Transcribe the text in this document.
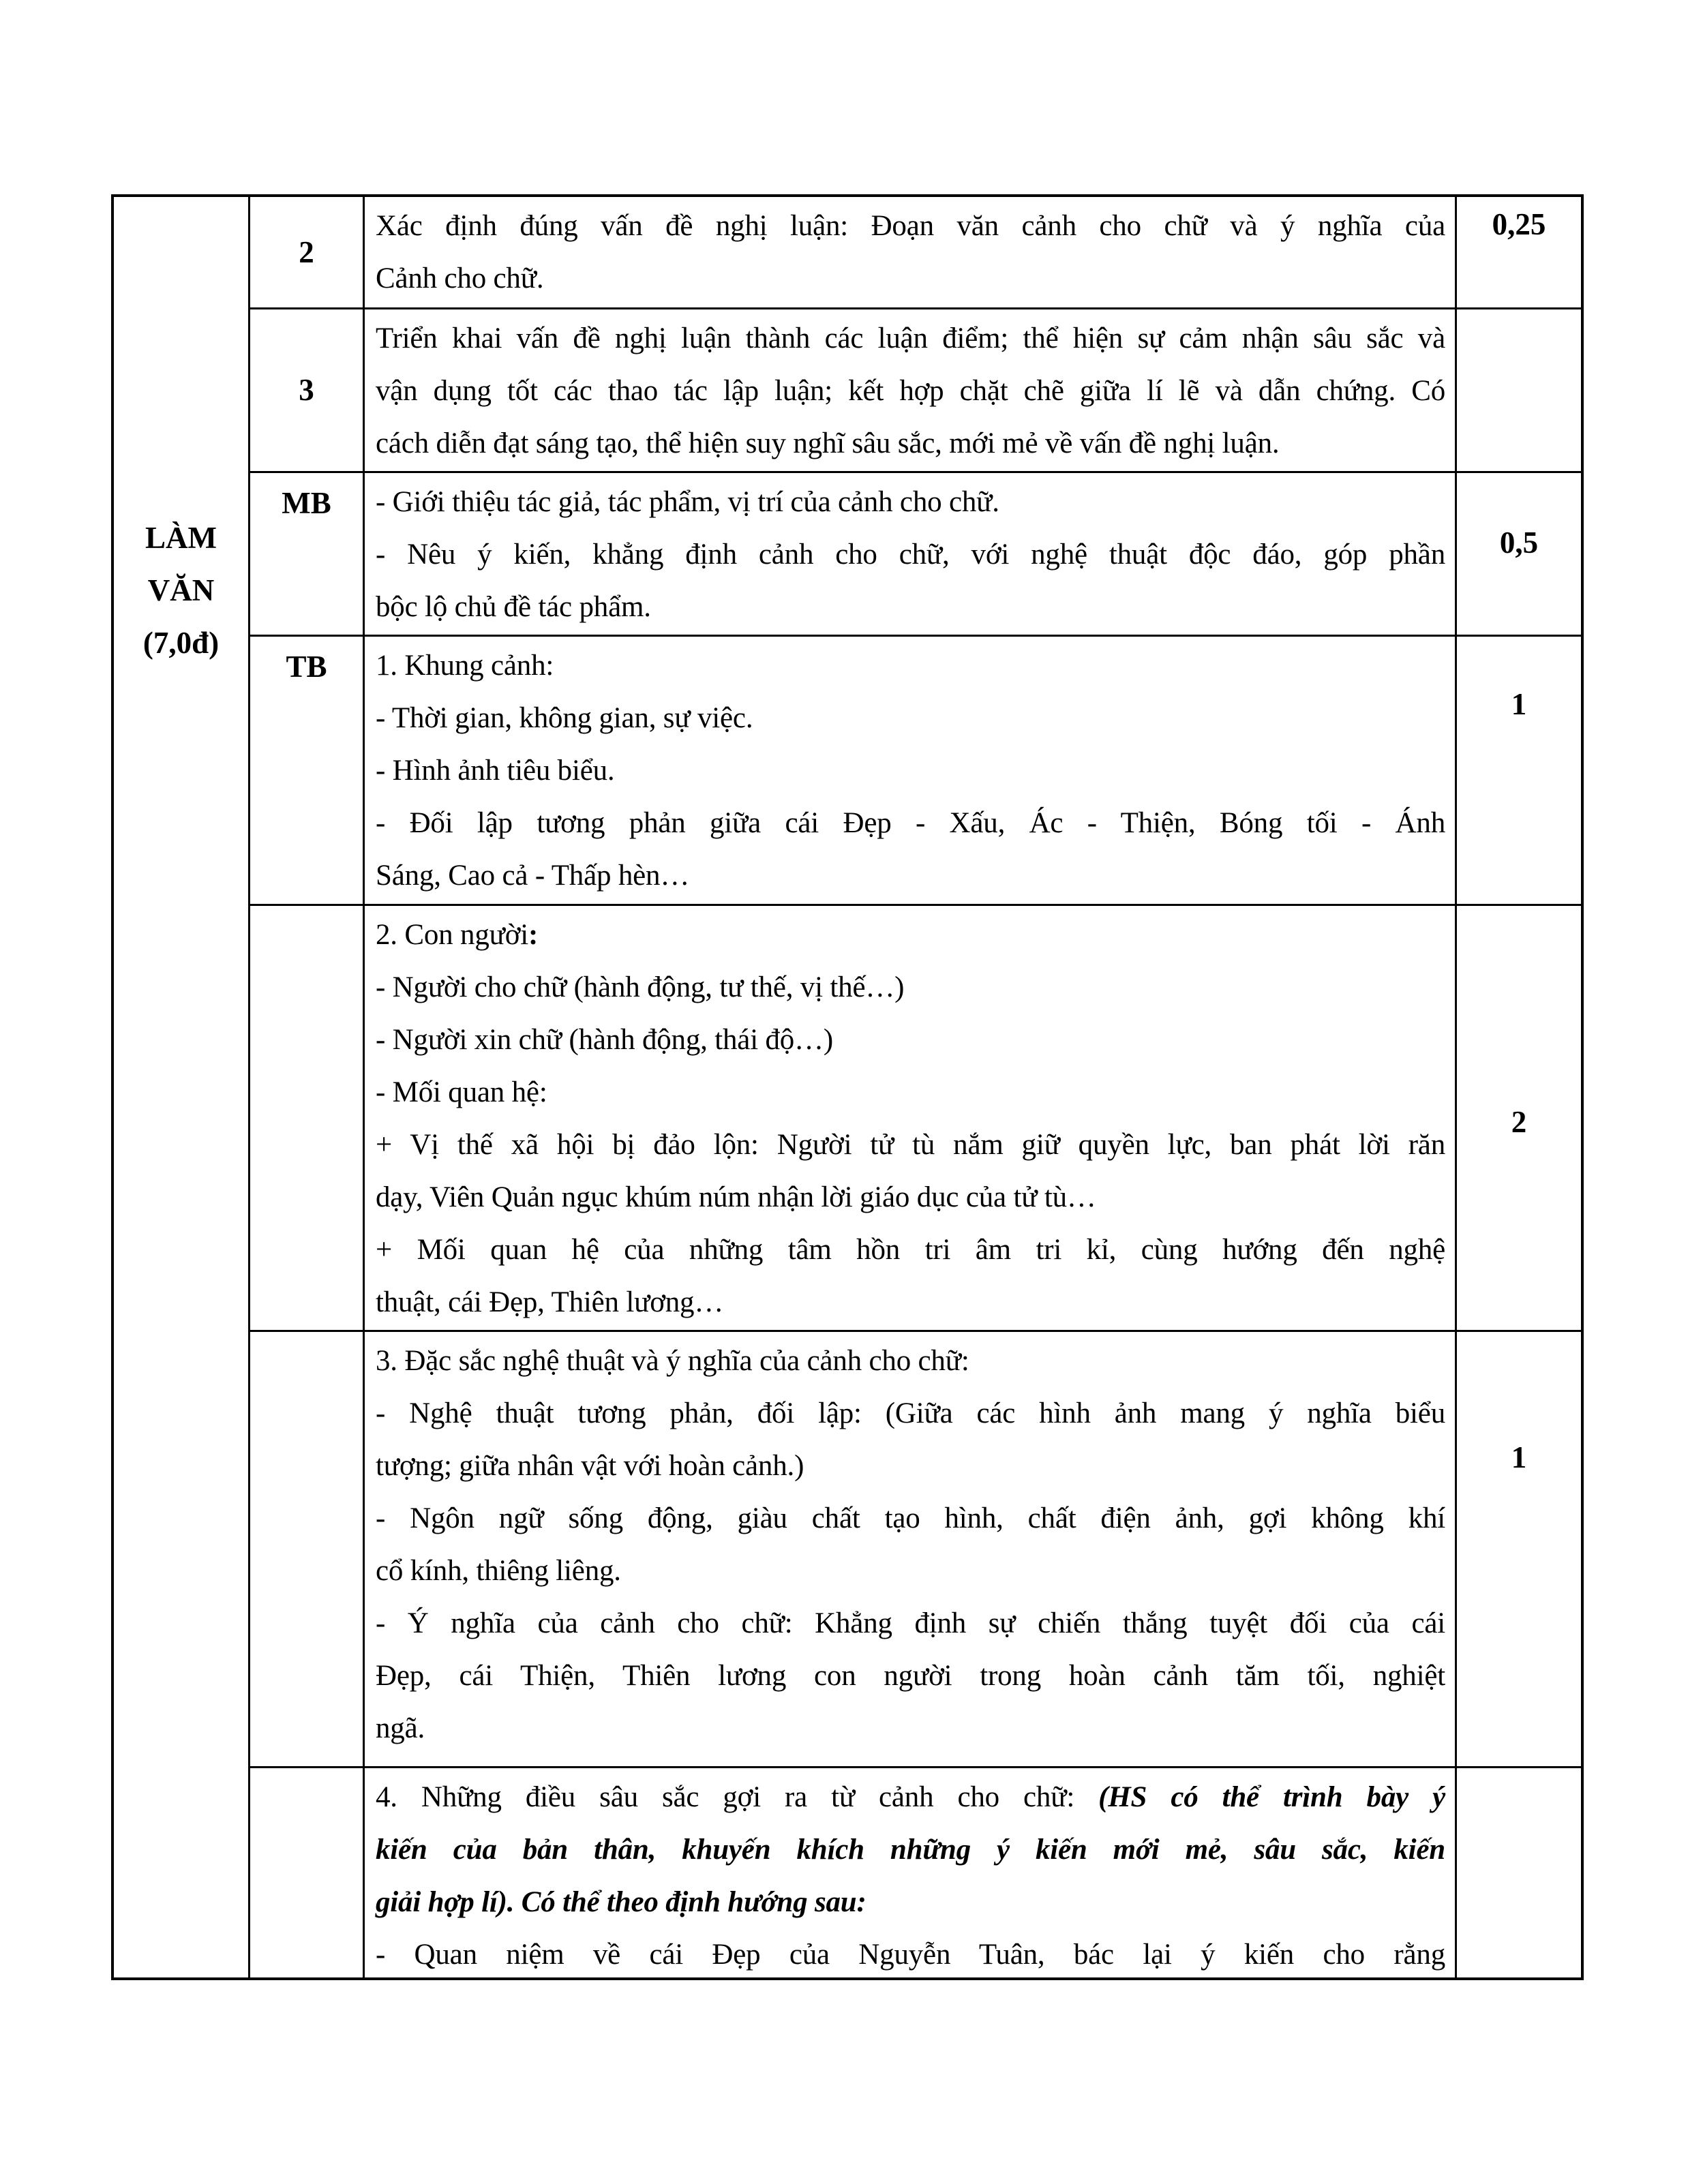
LÀM
VĂN
(7,0đ)
2
Xác định đúng vấn đề nghị luận: Đoạn văn cảnh cho chữ và ý nghĩa của
Cảnh cho chữ.
0,25
3
Triển khai vấn đề nghị luận thành các luận điểm; thể hiện sự cảm nhận sâu sắc và
vận dụng tốt các thao tác lập luận; kết hợp chặt chẽ giữa lí lẽ và dẫn chứng. Có
cách diễn đạt sáng tạo, thể hiện suy nghĩ sâu sắc, mới mẻ về vấn đề nghị luận.
MB	- Giới thiệu tác giả, tác phẩm, vị trí của cảnh cho chữ.
- Nêu ý kiến, khẳng định cảnh cho chữ, với nghệ thuật độc đáo, góp phần
bộc lộ chủ đề tác phẩm.
0,5
TB	1. Khung cảnh:
- Thời gian, không gian, sự việc.
- Hình ảnh tiêu biểu.
- Đối lập tương phản giữa cái Đẹp - Xấu, Ác - Thiện, Bóng tối - Ánh
Sáng, Cao cả - Thấp hèn…
1
2. Con người:
- Người cho chữ (hành động, tư thế, vị thế…)
- Người xin chữ (hành động, thái độ…)
- Mối quan hệ:
+ Vị thế xã hội bị đảo lộn: Người tử tù nắm giữ quyền lực, ban phát lời răn
dạy, Viên Quản ngục khúm núm nhận lời giáo dục của tử tù…
+ Mối quan hệ của những tâm hồn tri âm tri kỉ, cùng hướng đến nghệ
thuật, cái Đẹp, Thiên lương…
2
3. Đặc sắc nghệ thuật và ý nghĩa của cảnh cho chữ:
- Nghệ thuật tương phản, đối lập: (Giữa các hình ảnh mang ý nghĩa biểu
tượng; giữa nhân vật với hoàn cảnh.)
- Ngôn ngữ sống động, giàu chất tạo hình, chất điện ảnh, gợi không khí
cổ kính, thiêng liêng.
- Ý nghĩa của cảnh cho chữ: Khẳng định sự chiến thắng tuyệt đối của cái
Đẹp, cái Thiện, Thiên lương con người trong hoàn cảnh tăm tối, nghiệt
ngã.
1
4. Những điều sâu sắc gợi ra từ cảnh cho chữ: (HS có thể trình bày ý
kiến của bản thân, khuyến khích những ý kiến mới mẻ, sâu sắc, kiến
giải hợp lí). Có thể theo định hướng sau:
- Quan niệm về cái Đẹp của Nguyễn Tuân, bác lại ý kiến cho rằng
